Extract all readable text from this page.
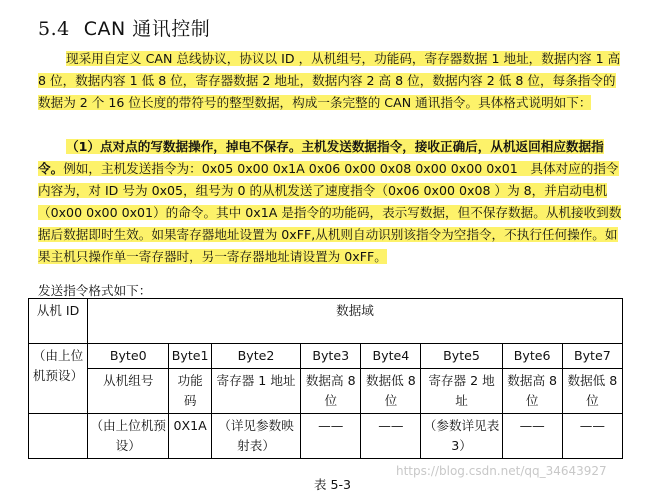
5.4 CAN 通讯控制

现采用自定义 CAN 总线协议，协议以 ID ，从机组号，功能码，寄存器数据 1 地址，数据内容 1 高 8 位，数据内容 1 低 8 位，寄存器数据 2 地址，数据内容 2 高 8 位，数据内容 2 低 8 位，每条指令的数据为 2 个 16 位长度的带符号的整型数据，构成一条完整的 CAN 通讯指令。具体格式说明如下：

（1）点对点的写数据操作，掉电不保存。主机发送数据指令，接收正确后，从机返回相应数据指令。例如，主机发送指令为：0x05 0x00 0x1A 0x06 0x00 0x08 0x00 0x00 0x01　具体对应的指令内容为，对 ID 号为 0x05，组号为 0 的从机发送了速度指令（0x06 0x00 0x08 ）为 8，并启动电机（0x00 0x00 0x01）的命令。其中 0x1A 是指令的功能码，表示写数据，但不保存数据。从机接收到数据后数据即时生效。如果寄存器地址设置为 0xFF,从机则自动识别该指令为空指令，不执行任何操作。如果主机只操作单一寄存器时，另一寄存器地址请设置为 0xFF。

发送指令格式如下：
从机 ID	数据域							
（由上位机预设）	Byte0	Byte1	Byte2	Byte3	Byte4	Byte5	Byte6	Byte7
	从机组号	功能码	寄存器 1 地址	数据高 8 位	数据低 8 位	寄存器 2 地址	数据高 8 位	数据低 8 位
	（由上位机预设）	0X1A	（详见参数映射表）	——	——	（参数详见表 3）	——	——
https://blog.csdn.net/qq_34643927
表 5-3
